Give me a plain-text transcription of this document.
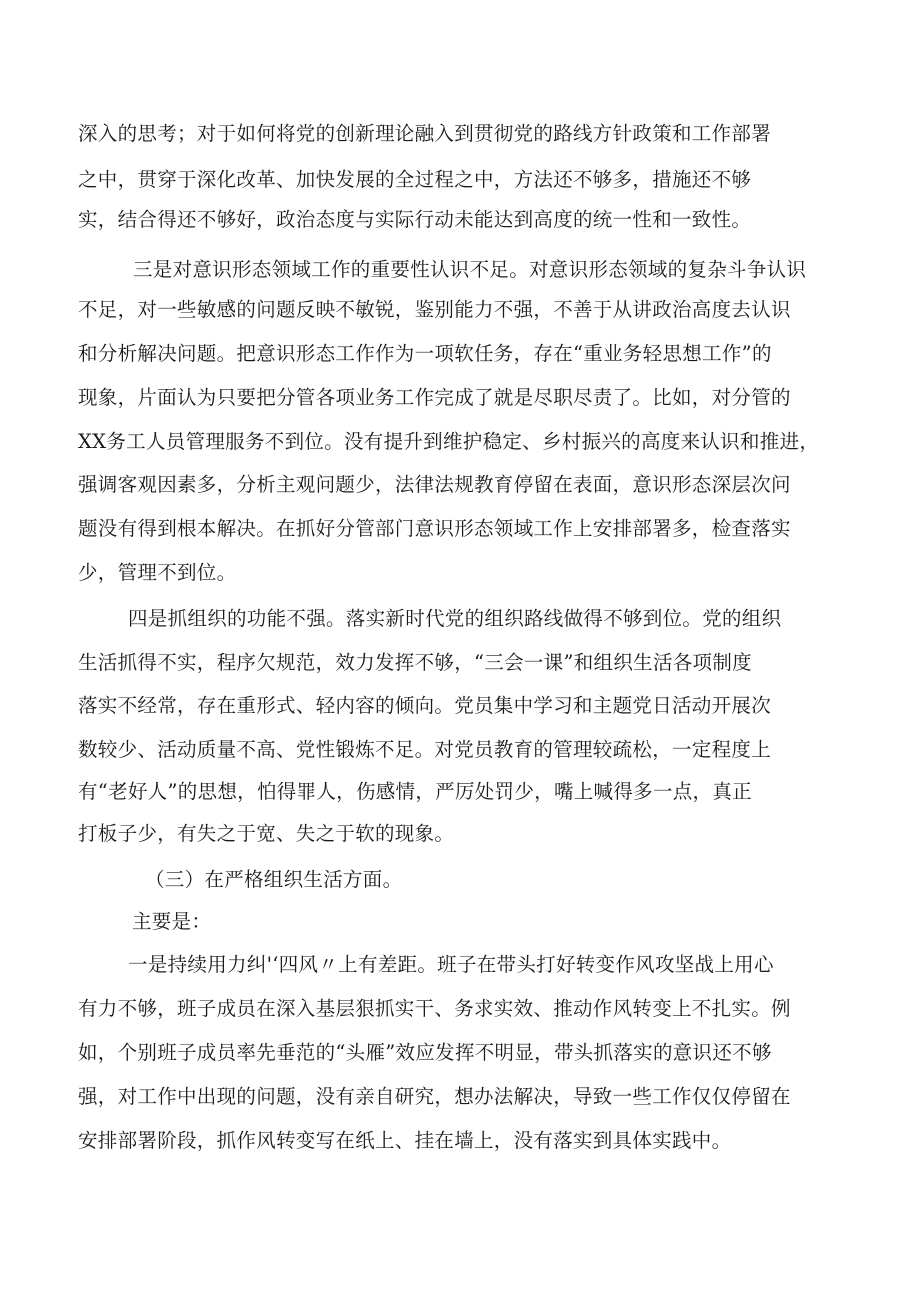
深入的思考；对于如何将党的创新理论融入到贯彻党的路线方针政策和工作部署
之中，贯穿于深化改革、加快发展的全过程之中，方法还不够多，措施还不够
实，结合得还不够好，政治态度与实际行动未能达到高度的统一性和一致性。
三是对意识形态领域工作的重要性认识不足。对意识形态领域的复杂斗争认识
不足，对一些敏感的问题反映不敏锐，鉴别能力不强，不善于从讲政治高度去认识
和分析解决问题。把意识形态工作作为一项软任务，存在“重业务轻思想工作”的
现象，片面认为只要把分管各项业务工作完成了就是尽职尽责了。比如，对分管的
XX务工人员管理服务不到位。没有提升到维护稳定、乡村振兴的高度来认识和推进，
强调客观因素多，分析主观问题少，法律法规教育停留在表面，意识形态深层次问
题没有得到根本解决。在抓好分管部门意识形态领域工作上安排部署多，检查落实
少，管理不到位。
四是抓组织的功能不强。落实新时代党的组织路线做得不够到位。党的组织
生活抓得不实，程序欠规范，效力发挥不够，“三会一课”和组织生活各项制度
落实不经常，存在重形式、轻内容的倾向。党员集中学习和主题党日活动开展次
数较少、活动质量不高、党性锻炼不足。对党员教育的管理较疏松，一定程度上
有“老好人”的思想，怕得罪人，伤感情，严厉处罚少，嘴上喊得多一点，真正
打板子少，有失之于宽、失之于软的现象。
（三）在严格组织生活方面。
主要是：
一是持续用力纠'‘四风〃上有差距。班子在带头打好转变作风攻坚战上用心
有力不够，班子成员在深入基层狠抓实干、务求实效、推动作风转变上不扎实。例
如，个别班子成员率先垂范的“头雁”效应发挥不明显，带头抓落实的意识还不够
强，对工作中出现的问题，没有亲自研究，想办法解决，导致一些工作仅仅停留在
安排部署阶段，抓作风转变写在纸上、挂在墙上，没有落实到具体实践中。
